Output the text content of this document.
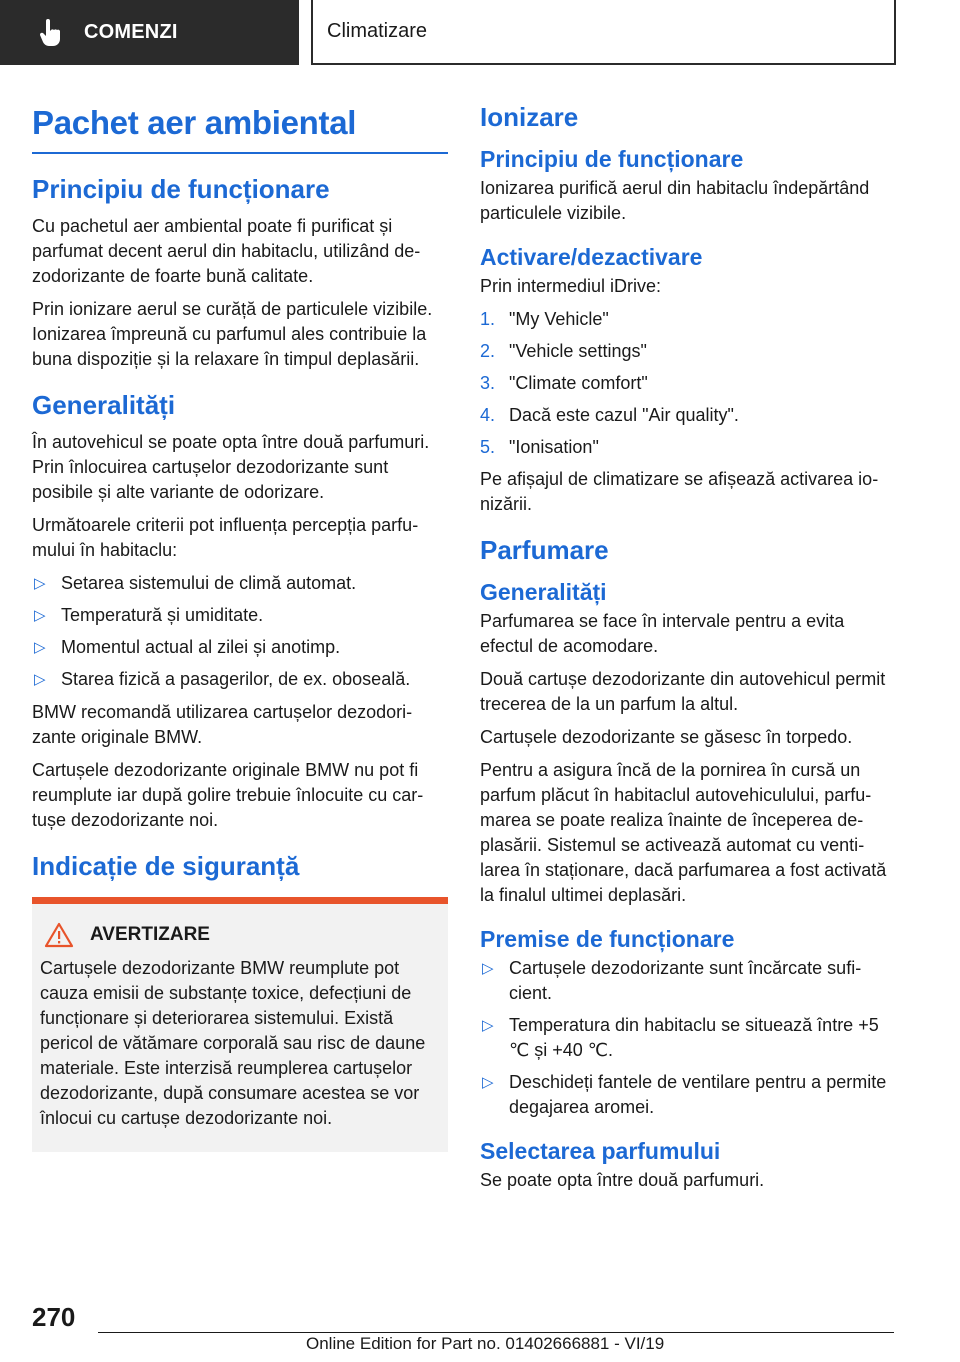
COMENZI	Climatizare
Pachet aer ambiental
Principiu de funcționare

Cu pachetul aer ambiental poate fi purificat și parfumat decent aerul din habitaclu, utilizând dezodorizante de foarte bună calitate.

Prin ionizare aerul se curăță de particulele vizibile. Ionizarea împreună cu parfumul ales contribuie la buna dispoziție și la relaxare în timpul deplasării.

Generalități

În autovehicul se poate opta între două parfumuri. Prin înlocuirea cartușelor dezodorizante sunt posibile și alte variante de odorizare.

Următoarele criterii pot influența percepția parfumului în habitaclu:

▷ Setarea sistemului de climă automat.
▷ Temperatură și umiditate.
▷ Momentul actual al zilei și anotimp.
▷ Starea fizică a pasagerilor, de ex. oboseală.

BMW recomandă utilizarea cartușelor dezodorizante originale BMW.

Cartușele dezodorizante originale BMW nu pot fi reumplute iar după golire trebuie înlocuite cu cartușe dezodorizante noi.

Indicație de siguranță
AVERTIZARE

Cartușele dezodorizante BMW reumplute pot cauza emisii de substanțe toxice, defecțiuni de funcționare și deteriorarea sistemului. Există pericol de vătămare corporală sau risc de daune materiale. Este interzisă reumplerea cartușelor dezodorizante, după consumare acestea se vor înlocui cu cartușe dezodorizante noi.

Ionizare
Principiu de funcționare

Ionizarea purifică aerul din habitaclu îndepărtând particulele vizibile.

Activare/dezactivare

Prin intermediul iDrive:

1. "My Vehicle"
2. "Vehicle settings"
3. "Climate comfort"
4. Dacă este cazul "Air quality".
5. "Ionisation"

Pe afișajul de climatizare se afișează activarea ionizării.

Parfumare
Generalități

Parfumarea se face în intervale pentru a evita efectul de acomodare.

Două cartușe dezodorizante din autovehicul permit trecerea de la un parfum la altul.

Cartușele dezodorizante se găsesc în torpedo.

Pentru a asigura încă de la pornirea în cursă un parfum plăcut în habitaclul autovehiculului, parfumarea se poate realiza înainte de începerea deplasării. Sistemul se activează automat cu ventilarea în staționare, dacă parfumarea a fost activată la finalul ultimei deplasări.

Premise de funcționare
▷ Cartușele dezodorizante sunt încărcate suficient.
▷ Temperatura din habitaclu se situează între +5 ℃ și +40 ℃.
▷ Deschideți fantele de ventilare pentru a permite degajarea aromei.
Selectarea parfumului

Se poate opta între două parfumuri.

270
Online Edition for Part no. 01402666881 - VI/19
